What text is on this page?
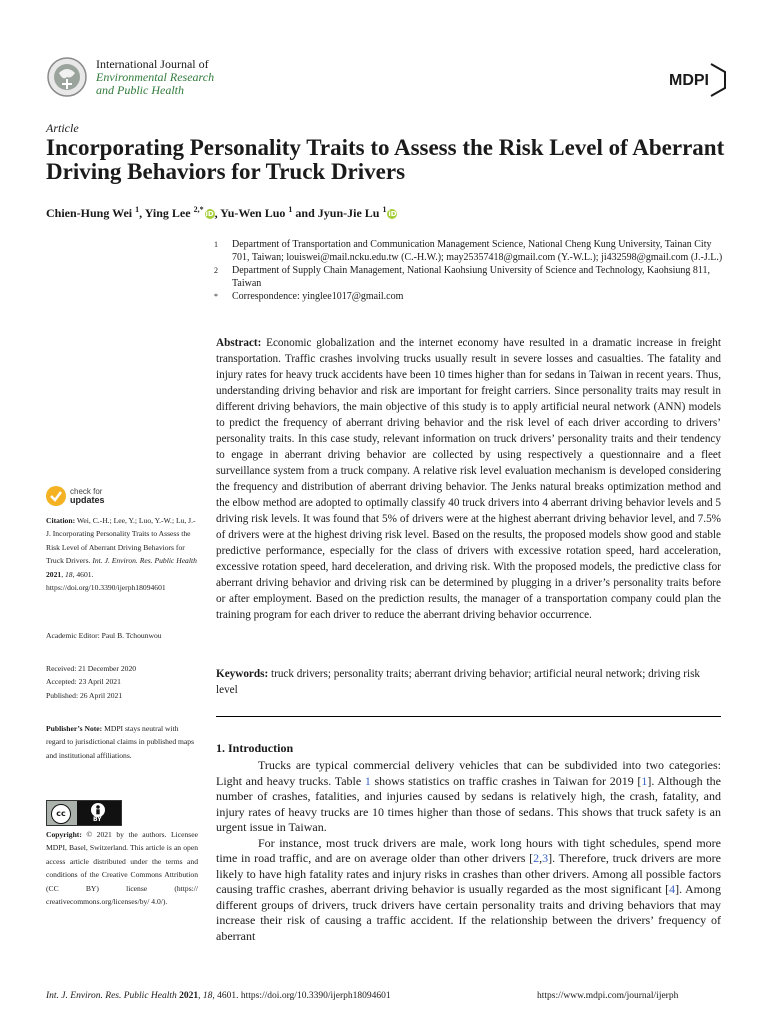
International Journal of
Environmental Research
and Public Health
MDPI
Article
Incorporating Personality Traits to Assess the Risk Level of Aberrant Driving Behaviors for Truck Drivers
Chien-Hung Wei $^1$, Ying Lee $^{2,*}$iD, Yu-Wen Luo $^1$ and Jyun-Jie Lu $^1$iD
1 Department of Transportation and Communication Management Science, National Cheng Kung University, Tainan City 701, Taiwan; louiswei@mail.ncku.edu.tw (C.-H.W.); may25357418@gmail.com (Y.-W.L.); ji432598@gmail.com (J.-J.L.)
2 Department of Supply Chain Management, National Kaohsiung University of Science and Technology, Kaohsiung 811, Taiwan
* Correspondence: yinglee1017@gmail.com

Abstract: Economic globalization and the internet economy have resulted in a dramatic increase in freight transportation. Traffic crashes involving trucks usually result in severe losses and casualties. The fatality and injury rates for heavy truck accidents have been 10 times higher than for sedans in Taiwan in recent years. Thus, understanding driving behavior and risk are important for freight carriers. Since personality traits may result in different driving behaviors, the main objective of this study is to apply artificial neural network (ANN) models to predict the frequency of aberrant driving behavior and the risk level of each driver according to drivers’ personality traits. In this case study, relevant information on truck drivers’ personality traits and their tendency to engage in aberrant driving behavior are collected by using respectively a questionnaire and a fleet surveillance system from a truck company. A relative risk level evaluation mechanism is developed considering the frequency and distribution of aberrant driving behavior. The Jenks natural breaks optimization method and the elbow method are adopted to optimally classify 40 truck drivers into 4 aberrant driving behavior levels and 5 driving risk levels. It was found that 5% of drivers were at the highest aberrant driving behavior level, and 7.5% of drivers were at the highest driving risk level. Based on the results, the proposed models show good and stable predictive performance, especially for the class of drivers with excessive rotation speed, hard acceleration, excessive rotation speed, hard deceleration, and driving risk. With the proposed models, the predictive class for aberrant driving behavior and driving risk can be determined by plugging in a driver’s personality traits before or after employment. Based on the prediction results, the manager of a transportation company could plan the training program for each driver to reduce the aberrant driving behavior occurrence.

Keywords: truck drivers; personality traits; aberrant driving behavior; artificial neural network; driving risk level

check for
updates
Citation: Wei, C.-H.; Lee, Y.; Luo, Y.-W.; Lu, J.-J. Incorporating Personality Traits to Assess the Risk Level of Aberrant Driving Behaviors for Truck Drivers. Int. J. Environ. Res. Public Health 2021, 18, 4601. https://doi.org/10.3390/ijerph18094601
Academic Editor: Paul B. Tchounwou
Received: 21 December 2020
Accepted: 23 April 2021
Published: 26 April 2021
Publisher’s Note: MDPI stays neutral with regard to jurisdictional claims in published maps and institutional affiliations.
cc
BY
Copyright: © 2021 by the authors. Licensee MDPI, Basel, Switzerland. This article is an open access article distributed under the terms and conditions of the Creative Commons Attribution (CC BY) license (https:// creativecommons.org/licenses/by/ 4.0/).
1. Introduction

Trucks are typical commercial delivery vehicles that can be subdivided into two categories: Light and heavy trucks. Table 1 shows statistics on traffic crashes in Taiwan for 2019 [1]. Although the number of crashes, fatalities, and injuries caused by sedans is relatively high, the crash, fatality, and injury rates of heavy trucks are 10 times higher than those of sedans. This shows that truck safety is an urgent issue in Taiwan.

For instance, most truck drivers are male, work long hours with tight schedules, spend more time in road traffic, and are on average older than other drivers [2,3]. Therefore, truck drivers are more likely to have high fatality rates and injury risks in crashes than other drivers. Among all possible factors causing traffic crashes, aberrant driving behavior is usually regarded as the most significant [4]. Among different groups of drivers, truck drivers have certain personality traits and driving behaviors that may increase their risk of causing a traffic accident. If the relationship between the drivers’ frequency of aberrant

Int. J. Environ. Res. Public Health 2021, 18, 4601. https://doi.org/10.3390/ijerph18094601	https://www.mdpi.com/journal/ijerph
